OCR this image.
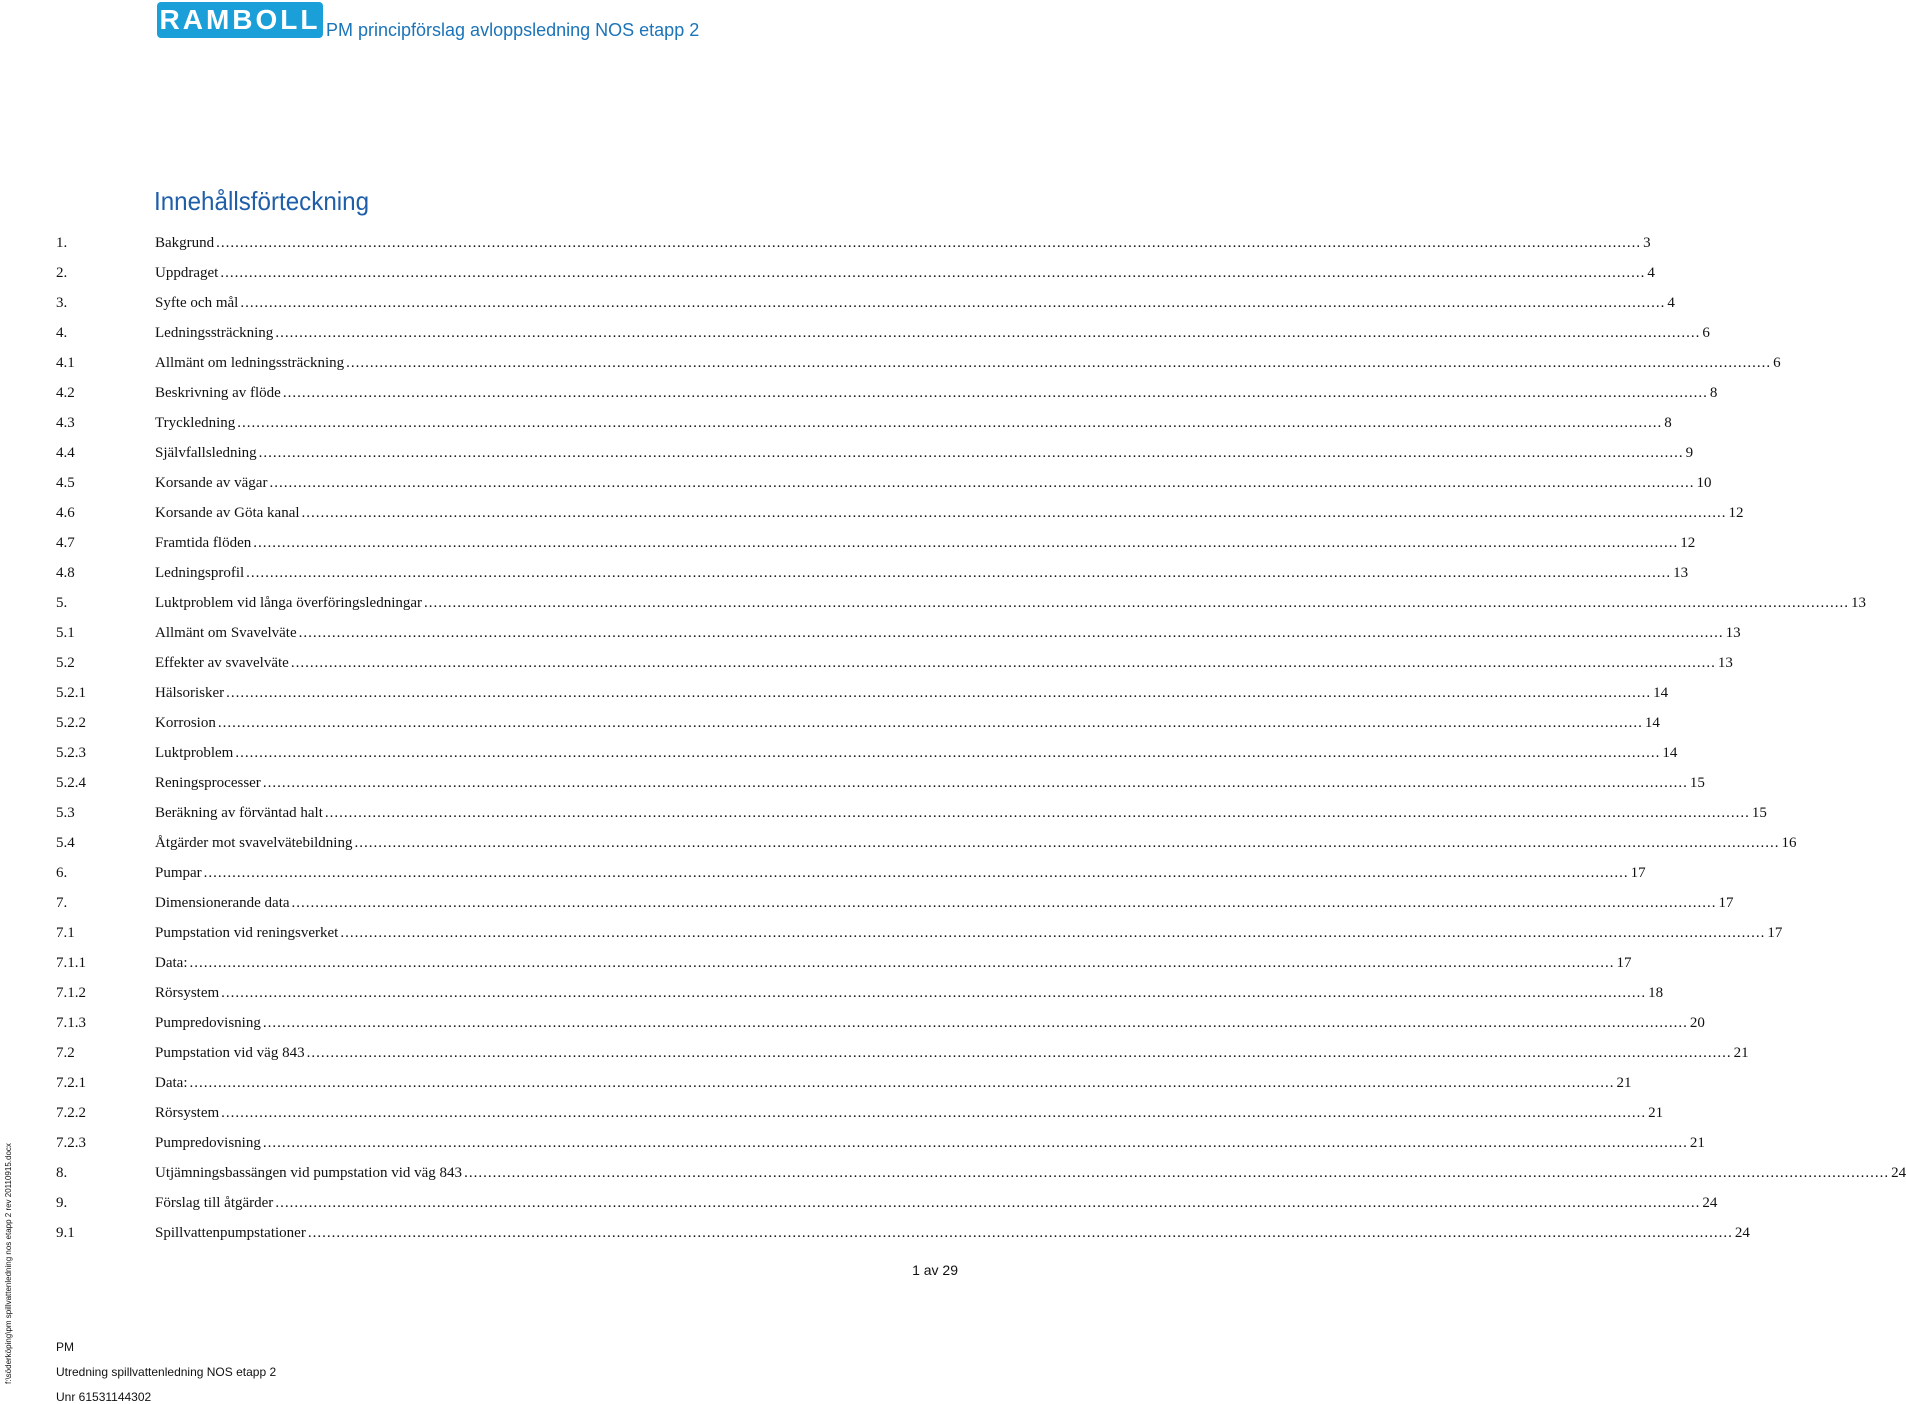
RAMBOLL PM principförslag avloppsledning NOS etapp 2
Innehållsförteckning
1.	Bakgrund ............................................................................................................................................................................................................................................................................................................ 3
2.	Uppdraget ............................................................................................................................................................................................................................................................................................................ 4
3.	Syfte och mål ............................................................................................................................................................................................................................................................................................................ 4
4.	Ledningssträckning ............................................................................................................................................................................................................................................................................................................ 6
4.1	Allmänt om ledningssträckning ............................................................................................................................................................................................................................................................................................................ 6
4.2	Beskrivning av flöde ............................................................................................................................................................................................................................................................................................................ 8
4.3	Tryckledning ............................................................................................................................................................................................................................................................................................................ 8
4.4	Självfallsledning ............................................................................................................................................................................................................................................................................................................ 9
4.5	Korsande av vägar ............................................................................................................................................................................................................................................................................................................ 10
4.6	Korsande av Göta kanal ............................................................................................................................................................................................................................................................................................................ 12
4.7	Framtida flöden ............................................................................................................................................................................................................................................................................................................ 12
4.8	Ledningsprofil ............................................................................................................................................................................................................................................................................................................ 13
5.	Luktproblem vid långa överföringsledningar ............................................................................................................................................................................................................................................................................................................ 13
5.1	Allmänt om Svavelväte ............................................................................................................................................................................................................................................................................................................ 13
5.2	Effekter av svavelväte ............................................................................................................................................................................................................................................................................................................ 13
5.2.1	Hälsorisker ............................................................................................................................................................................................................................................................................................................ 14
5.2.2	Korrosion ............................................................................................................................................................................................................................................................................................................ 14
5.2.3	Luktproblem ............................................................................................................................................................................................................................................................................................................ 14
5.2.4	Reningsprocesser ............................................................................................................................................................................................................................................................................................................ 15
5.3	Beräkning av förväntad halt ............................................................................................................................................................................................................................................................................................................ 15
5.4	Åtgärder mot svavelvätebildning ............................................................................................................................................................................................................................................................................................................ 16
6.	Pumpar ............................................................................................................................................................................................................................................................................................................ 17
7.	Dimensionerande data ............................................................................................................................................................................................................................................................................................................ 17
7.1	Pumpstation vid reningsverket ............................................................................................................................................................................................................................................................................................................ 17
7.1.1	Data: ............................................................................................................................................................................................................................................................................................................ 17
7.1.2	Rörsystem ............................................................................................................................................................................................................................................................................................................ 18
7.1.3	Pumpredovisning ............................................................................................................................................................................................................................................................................................................ 20
7.2	Pumpstation vid väg 843 ............................................................................................................................................................................................................................................................................................................ 21
7.2.1	Data: ............................................................................................................................................................................................................................................................................................................ 21
7.2.2	Rörsystem ............................................................................................................................................................................................................................................................................................................ 21
7.2.3	Pumpredovisning ............................................................................................................................................................................................................................................................................................................ 21
8.	Utjämningsbassängen vid pumpstation vid väg 843 ............................................................................................................................................................................................................................................................................................................ 24
9.	Förslag till åtgärder ............................................................................................................................................................................................................................................................................................................ 24
9.1	Spillvattenpumpstationer ............................................................................................................................................................................................................................................................................................................ 24
1 av 29
f:\söderköping\pm spillvattenledning nos etapp 2 rev 20110915.docx	PM
Utredning spillvattenledning NOS etapp 2
Unr 61531144302
